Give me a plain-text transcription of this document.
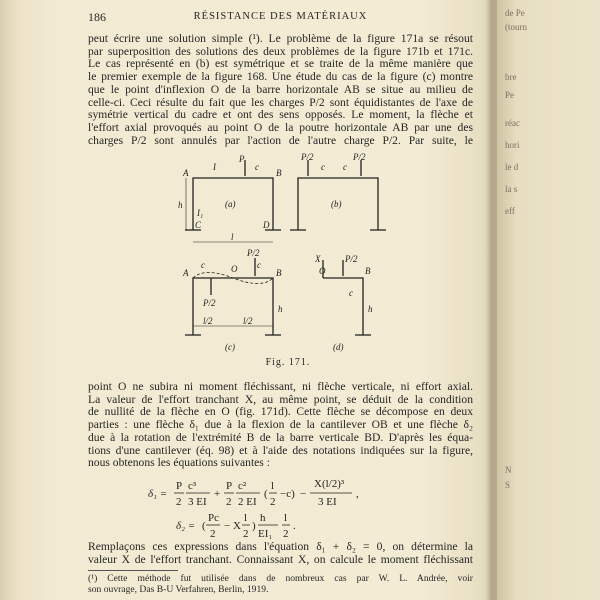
de Pe
(tourn
bre
Pe
réac
hori
le d
la s
eff
N
S
186	RÉSISTANCE DES MATÉRIAUX
peut écrire une solution simple (¹). Le problème de la figure 171a se résout
par superposition des solutions des deux problèmes de la figure 171b et 171c.
Le cas représenté en (b) est symétrique et se traite de la même manière que
le premier exemple de la figure 168. Une étude du cas de la figure (c) montre
que le point d'inflexion O de la barre horizontale AB se situe au milieu de
celle-ci. Ceci résulte du fait que les charges P/2 sont équidistantes de l'axe de
symétrie vertical du cadre et ont des sens opposés. Le moment, la flèche et
l'effort axial provoqués au point O de la poutre horizontale AB par une des
charges P/2 sont annulés par l'action de l'autre charge P/2. Par suite, le
A
I
P
c
B
h
I₁
C	D
l
(a)
P/2
c
P/2
c
(b)
c	O c
A	B
P/2
P/2
h
l/2	l/2
(c)
X
O
P/2
c
B
h
(d)
Fig. 171.
point O ne subira ni moment fléchissant, ni flèche verticale, ni effort axial.
La valeur de l'effort tranchant X, au même point, se déduit de la condition
de nullité de la flèche en O (fig. 171d). Cette flèche se décompose en deux
parties : une flèche δ₁ due à la flexion de la cantilever OB et une flèche δ₂
due à la rotation de l'extrémité B de la barre verticale BD. D'après les équa-
tions d'une cantilever (éq. 98) et à l'aide des notations indiquées sur la figure,
nous obtenons les équations suivantes :
δ₁ =
P
2
c³
3 EI
+
P
2
c²
2 EI
(
l
2
−c) −
X(l/2)³
3 EI
,
δ₂ = (
Pc
2
− X
l
2
)
h
EI₁
l
2
.
(¹) Cette méthode fut utilisée dans de nombreux cas par W. L. Andrée, voir
son ouvrage, Das B-U Verfahren, Berlin, 1919.
Remplaçons ces expressions dans l'équation δ₁ + δ₂ = 0, on détermine la
valeur X de l'effort tranchant. Connaissant X, on calcule le moment fléchissant
